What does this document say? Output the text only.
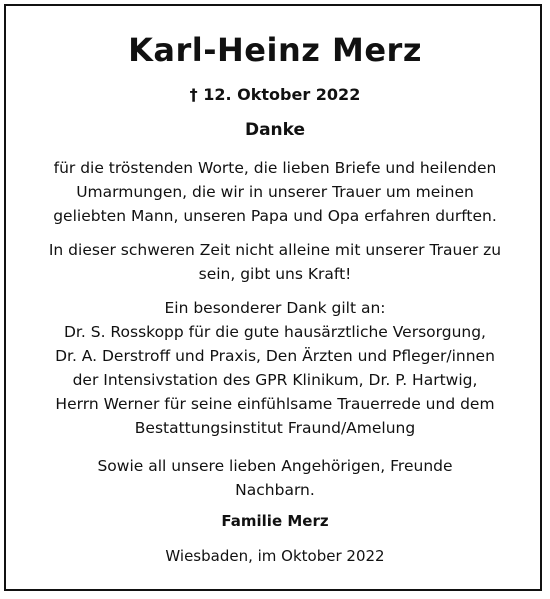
Karl-Heinz Merz
† 12. Oktober 2022
Danke
für die tröstenden Worte, die lieben Briefe und heilenden
Umarmungen, die wir in unserer Trauer um meinen
geliebten Mann, unseren Papa und Opa erfahren durften.
In dieser schweren Zeit nicht alleine mit unserer Trauer zu
sein, gibt uns Kraft!
Ein besonderer Dank gilt an:
Dr. S. Rosskopp für die gute hausärztliche Versorgung,
Dr. A. Derstroff und Praxis, Den Ärzten und Pfleger/innen
der Intensivstation des GPR Klinikum, Dr. P. Hartwig,
Herrn Werner für seine einfühlsame Trauerrede und dem
Bestattungsinstitut Fraund/Amelung
Sowie all unsere lieben Angehörigen, Freunde
Nachbarn.
Familie Merz
Wiesbaden, im Oktober 2022
